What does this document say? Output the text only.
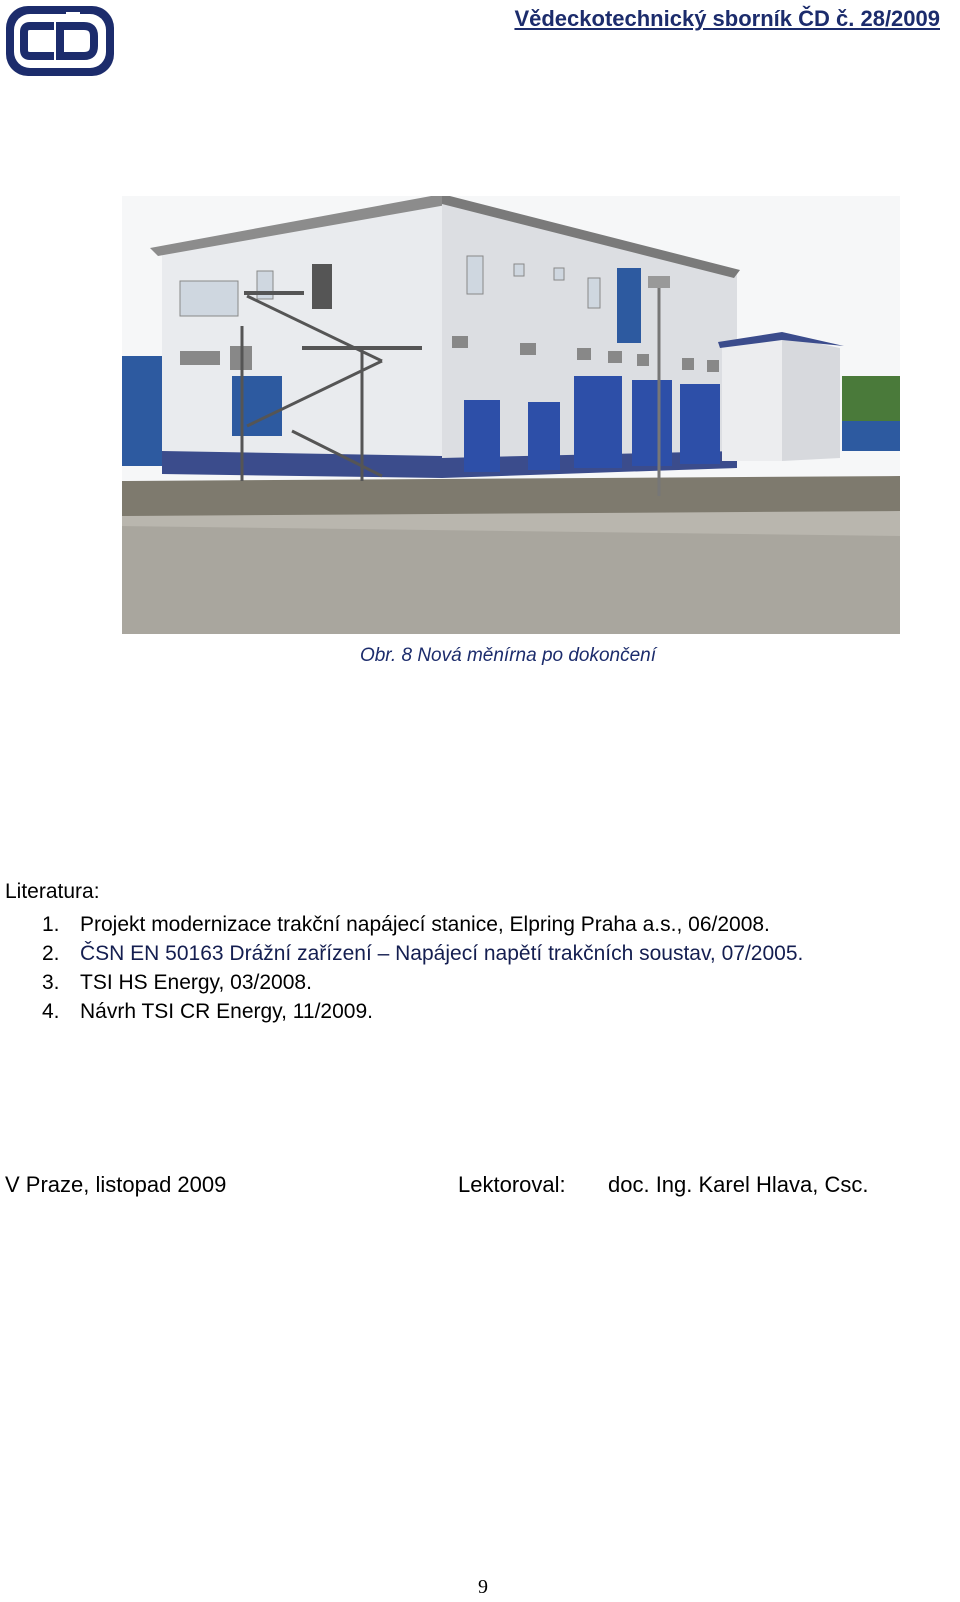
Vědeckotechnický sborník ČD č. 28/2009
Obr. 8 Nová měnírna po dokončení
Literatura:
1. Projekt modernizace trakční napájecí stanice, Elpring Praha a.s., 06/2008.
2. ČSN EN 50163 Drážní zařízení – Napájecí napětí trakčních soustav, 07/2005.
3. TSI HS Energy, 03/2008.
4. Návrh TSI CR Energy, 11/2009.
V Praze, listopad 2009	Lektoroval: doc. Ing. Karel Hlava, Csc.
9
